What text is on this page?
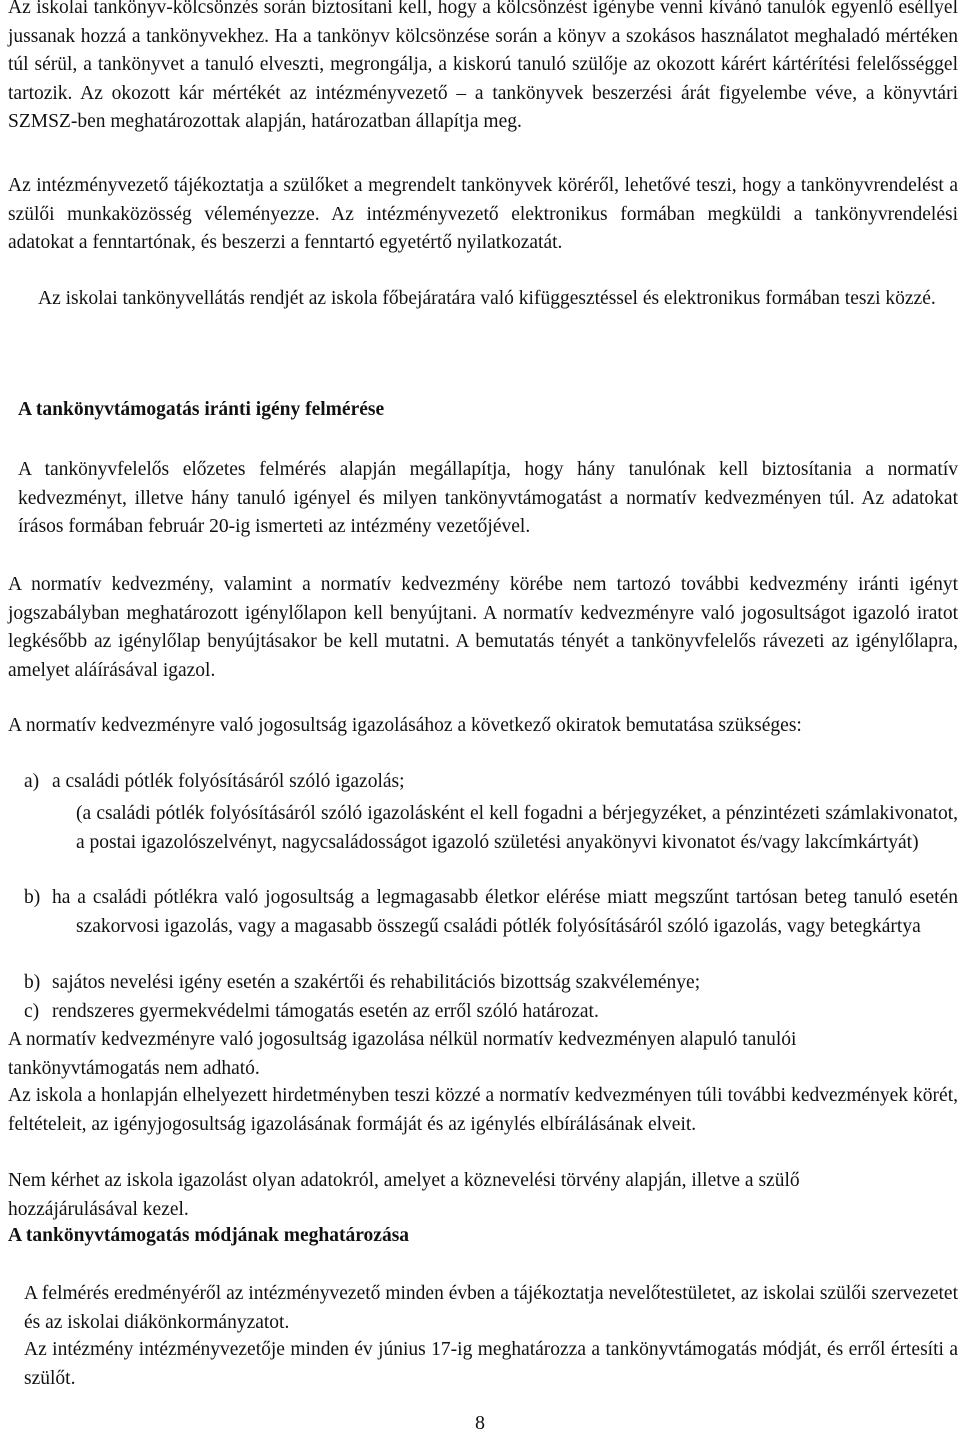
Az iskolai tankönyv-kölcsönzés során biztosítani kell, hogy a kölcsönzést igénybe venni kívánó tanulók egyenlő eséllyel jussanak hozzá a tankönyvekhez. Ha a tankönyv kölcsönzése során a könyv a szokásos használatot meghaladó mértéken túl sérül, a tankönyvet a tanuló elveszti, megrongálja, a kiskorú tanuló szülője az okozott kárért kártérítési felelősséggel tartozik. Az okozott kár mértékét az intézményvezető – a tankönyvek beszerzési árát figyelembe véve, a könyvtári SZMSZ-ben meghatározottak alapján, határozatban állapítja meg.

Az intézményvezető tájékoztatja a szülőket a megrendelt tankönyvek köréről, lehetővé teszi, hogy a tankönyvrendelést a szülői munkaközösség véleményezze. Az intézményvezető elektronikus formában megküldi a tankönyvrendelési adatokat a fenntartónak, és beszerzi a fenntartó egyetértő nyilatkozatát.

Az iskolai tankönyvellátás rendjét az iskola főbejáratára való kifüggesztéssel és elektronikus formában teszi közzé.

A tankönyvtámogatás iránti igény felmérése

A tankönyvfelelős előzetes felmérés alapján megállapítja, hogy hány tanulónak kell biztosítania a normatív kedvezményt, illetve hány tanuló igényel és milyen tankönyvtámogatást a normatív kedvezményen túl. Az adatokat írásos formában február 20-ig ismerteti az intézmény vezetőjével.

A normatív kedvezmény, valamint a normatív kedvezmény körébe nem tartozó további kedvezmény iránti igényt jogszabályban meghatározott igénylőlapon kell benyújtani. A normatív kedvezményre való jogosultságot igazoló iratot legkésőbb az igénylőlap benyújtásakor be kell mutatni. A bemutatás tényét a tankönyvfelelős rávezeti az igénylőlapra, amelyet aláírásával igazol.

A normatív kedvezményre való jogosultság igazolásához a következő okiratok bemutatása szükséges:

a) a családi pótlék folyósításáról szóló igazolás;

(a családi pótlék folyósításáról szóló igazolásként el kell fogadni a bérjegyzéket, a pénzintézeti számlakivonatot, a postai igazolószelvényt, nagycsaládosságot igazoló születési anyakönyvi kivonatot és/vagy lakcímkártyát)

b) ha a családi pótlékra való jogosultság a legmagasabb életkor elérése miatt megszűnt tartósan beteg tanuló esetén szakorvosi igazolás, vagy a magasabb összegű családi pótlék folyósításáról szóló igazolás, vagy betegkártya

b) sajátos nevelési igény esetén a szakértői és rehabilitációs bizottság szakvéleménye;

c) rendszeres gyermekvédelmi támogatás esetén az erről szóló határozat.

A normatív kedvezményre való jogosultság igazolása nélkül normatív kedvezményen alapuló tanulói tankönyvtámogatás nem adható.

Az iskola a honlapján elhelyezett hirdetményben teszi közzé a normatív kedvezményen túli további kedvezmények körét, feltételeit, az igényjogosultság igazolásának formáját és az igénylés elbírálásának elveit.

Nem kérhet az iskola igazolást olyan adatokról, amelyet a köznevelési törvény alapján, illetve a szülő hozzájárulásával kezel.

A tankönyvtámogatás módjának meghatározása

A felmérés eredményéről az intézményvezető minden évben a tájékoztatja nevelőtestületet, az iskolai szülői szervezetet és az iskolai diákönkormányzatot.

Az intézmény intézményvezetője minden év június 17-ig meghatározza a tankönyvtámogatás módját, és erről értesíti a szülőt.

8
